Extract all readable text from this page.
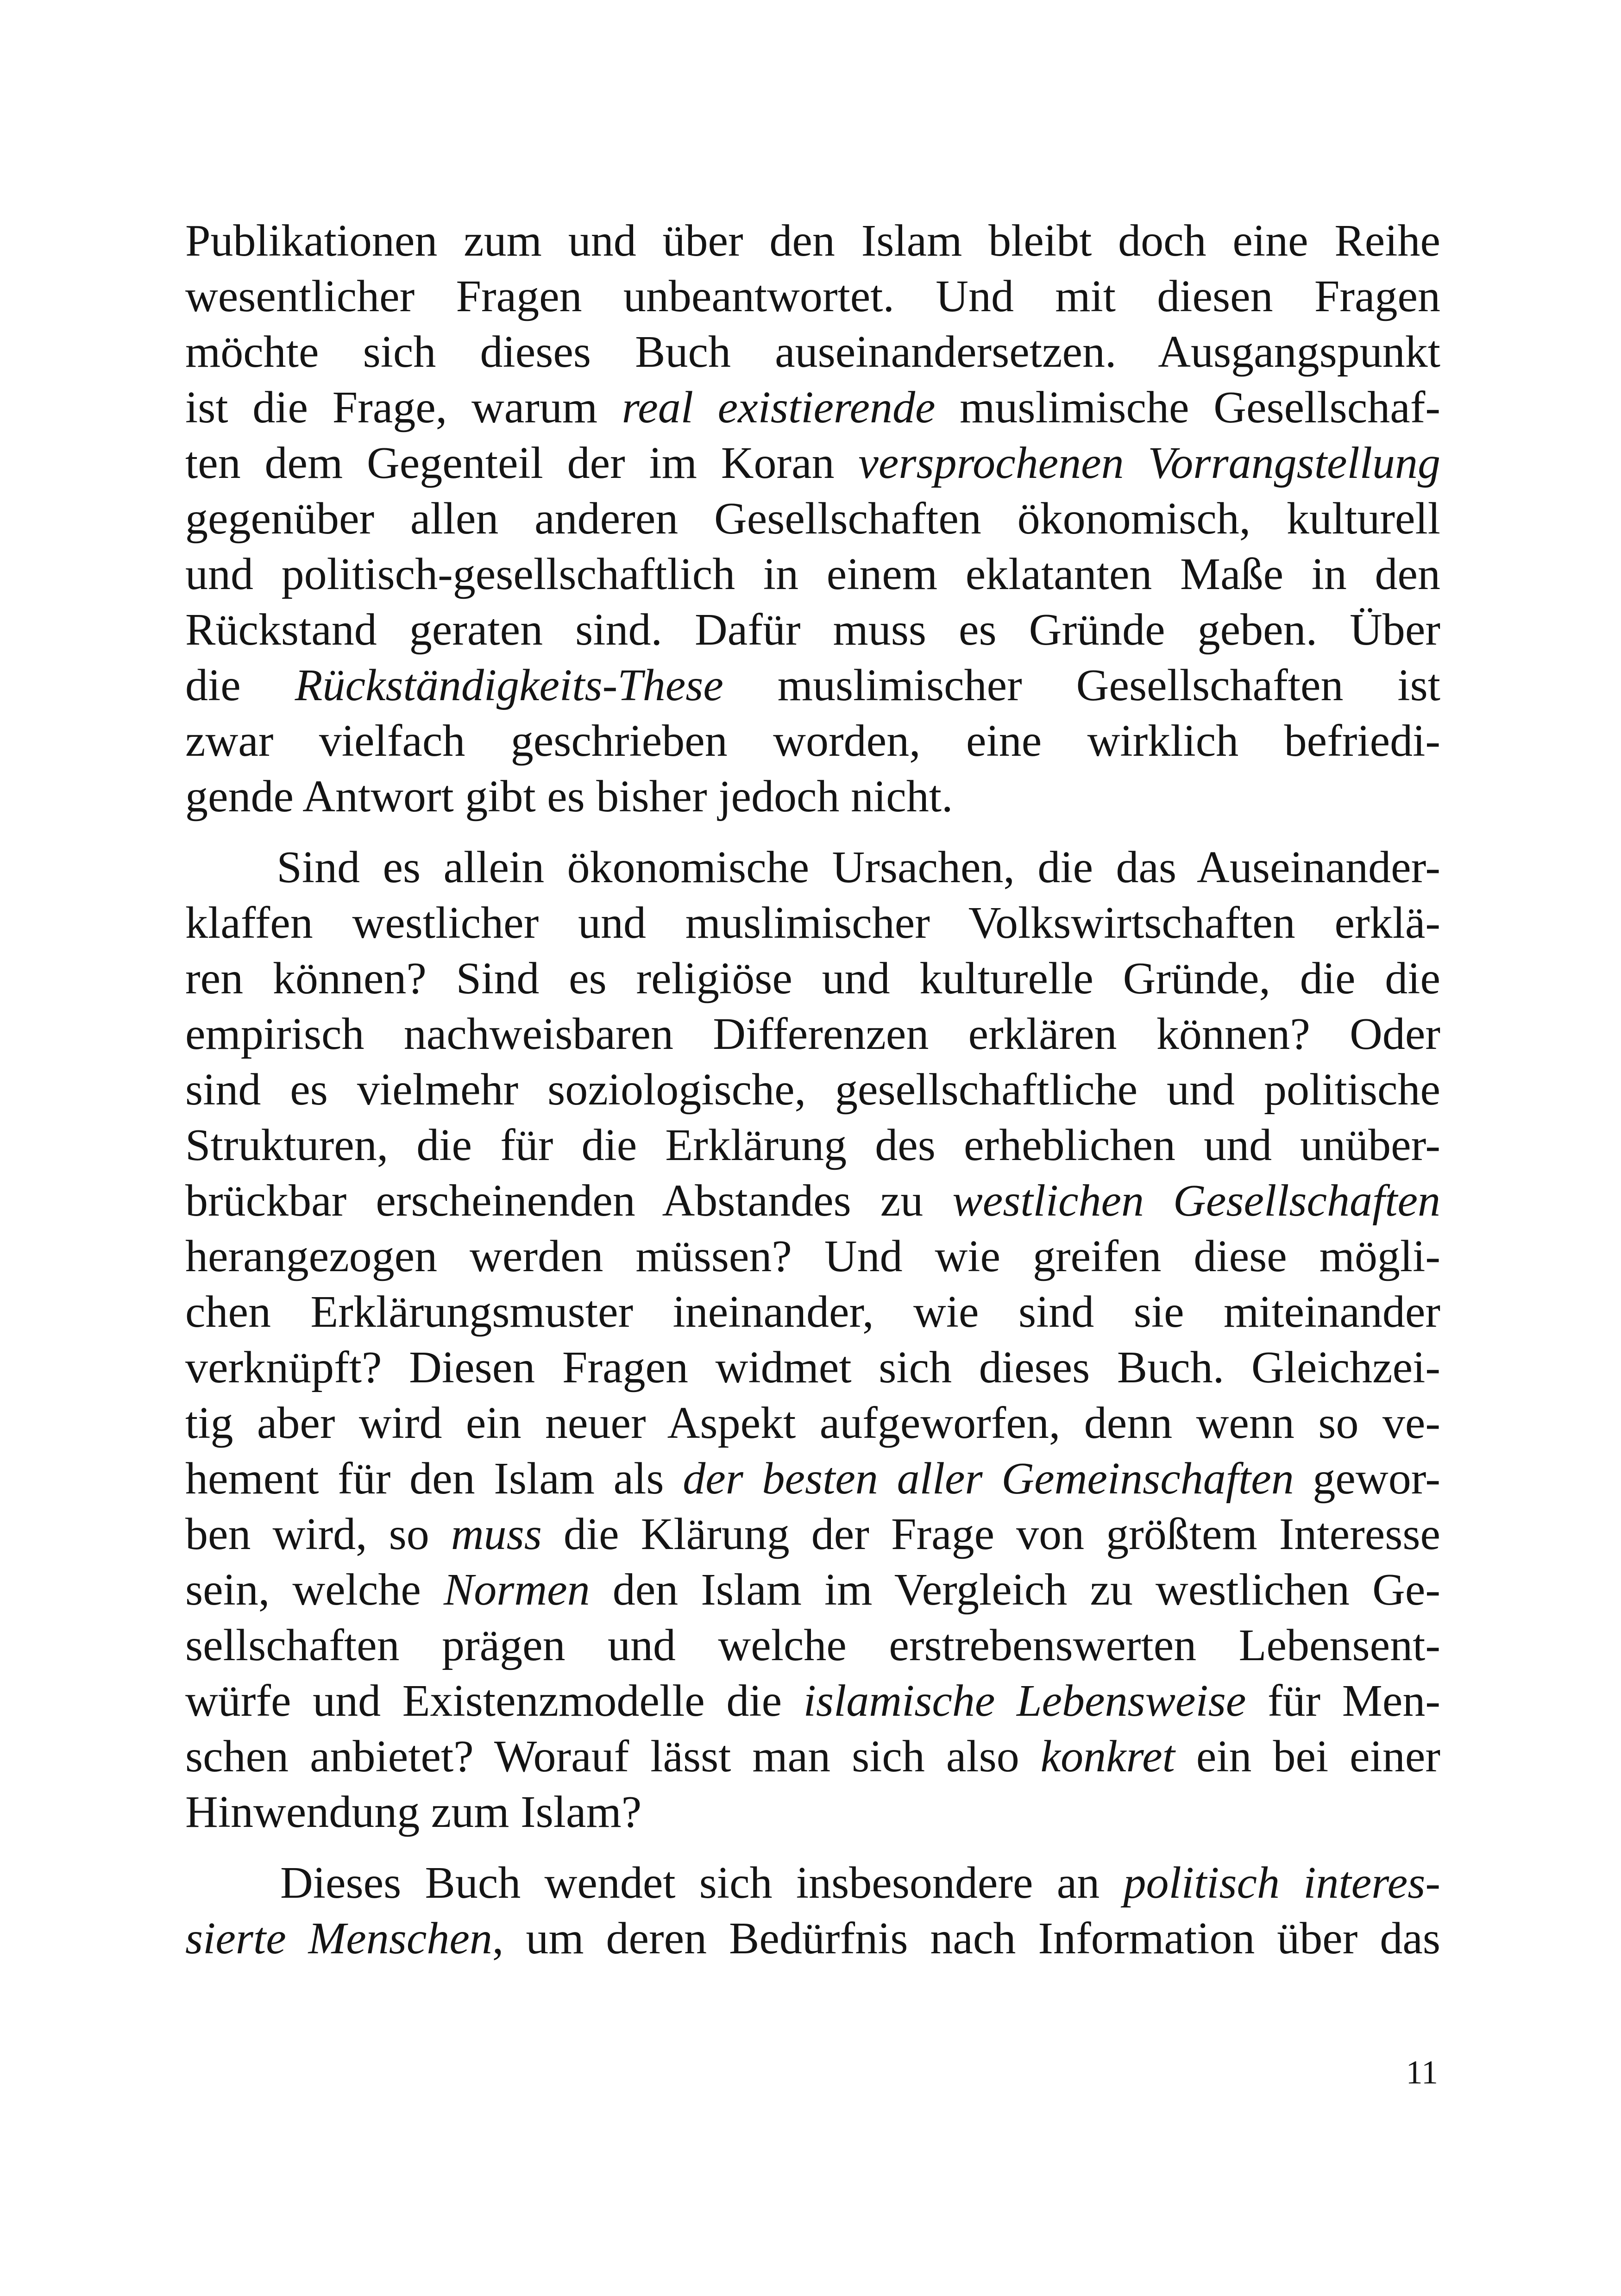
Publikationen zum und über den Islam bleibt doch eine Reihe
wesentlicher Fragen unbeantwortet. Und mit diesen Fragen
möchte sich dieses Buch auseinandersetzen. Ausgangspunkt
ist die Frage, warum real existierende muslimische Gesellschaf-
ten dem Gegenteil der im Koran versprochenen Vorrangstellung
gegenüber allen anderen Gesellschaften ökonomisch, kulturell
und politisch-gesellschaftlich in einem eklatanten Maße in den
Rückstand geraten sind. Dafür muss es Gründe geben. Über
die Rückständigkeits-These muslimischer Gesellschaften ist
zwar vielfach geschrieben worden, eine wirklich befriedi-
gende Antwort gibt es bisher jedoch nicht.
Sind es allein ökonomische Ursachen, die das Auseinander-
klaffen westlicher und muslimischer Volkswirtschaften erklä-
ren können? Sind es religiöse und kulturelle Gründe, die die
empirisch nachweisbaren Differenzen erklären können? Oder
sind es vielmehr soziologische, gesellschaftliche und politische
Strukturen, die für die Erklärung des erheblichen und unüber-
brückbar erscheinenden Abstandes zu westlichen Gesellschaften
herangezogen werden müssen? Und wie greifen diese mögli-
chen Erklärungsmuster ineinander, wie sind sie miteinander
verknüpft? Diesen Fragen widmet sich dieses Buch. Gleichzei-
tig aber wird ein neuer Aspekt aufgeworfen, denn wenn so ve-
hement für den Islam als der besten aller Gemeinschaften gewor-
ben wird, so muss die Klärung der Frage von größtem Interesse
sein, welche Normen den Islam im Vergleich zu westlichen Ge-
sellschaften prägen und welche erstrebenswerten Lebensent-
würfe und Existenzmodelle die islamische Lebensweise für Men-
schen anbietet? Worauf lässt man sich also konkret ein bei einer
Hinwendung zum Islam?
Dieses Buch wendet sich insbesondere an politisch interes-
sierte Menschen, um deren Bedürfnis nach Information über das
11
